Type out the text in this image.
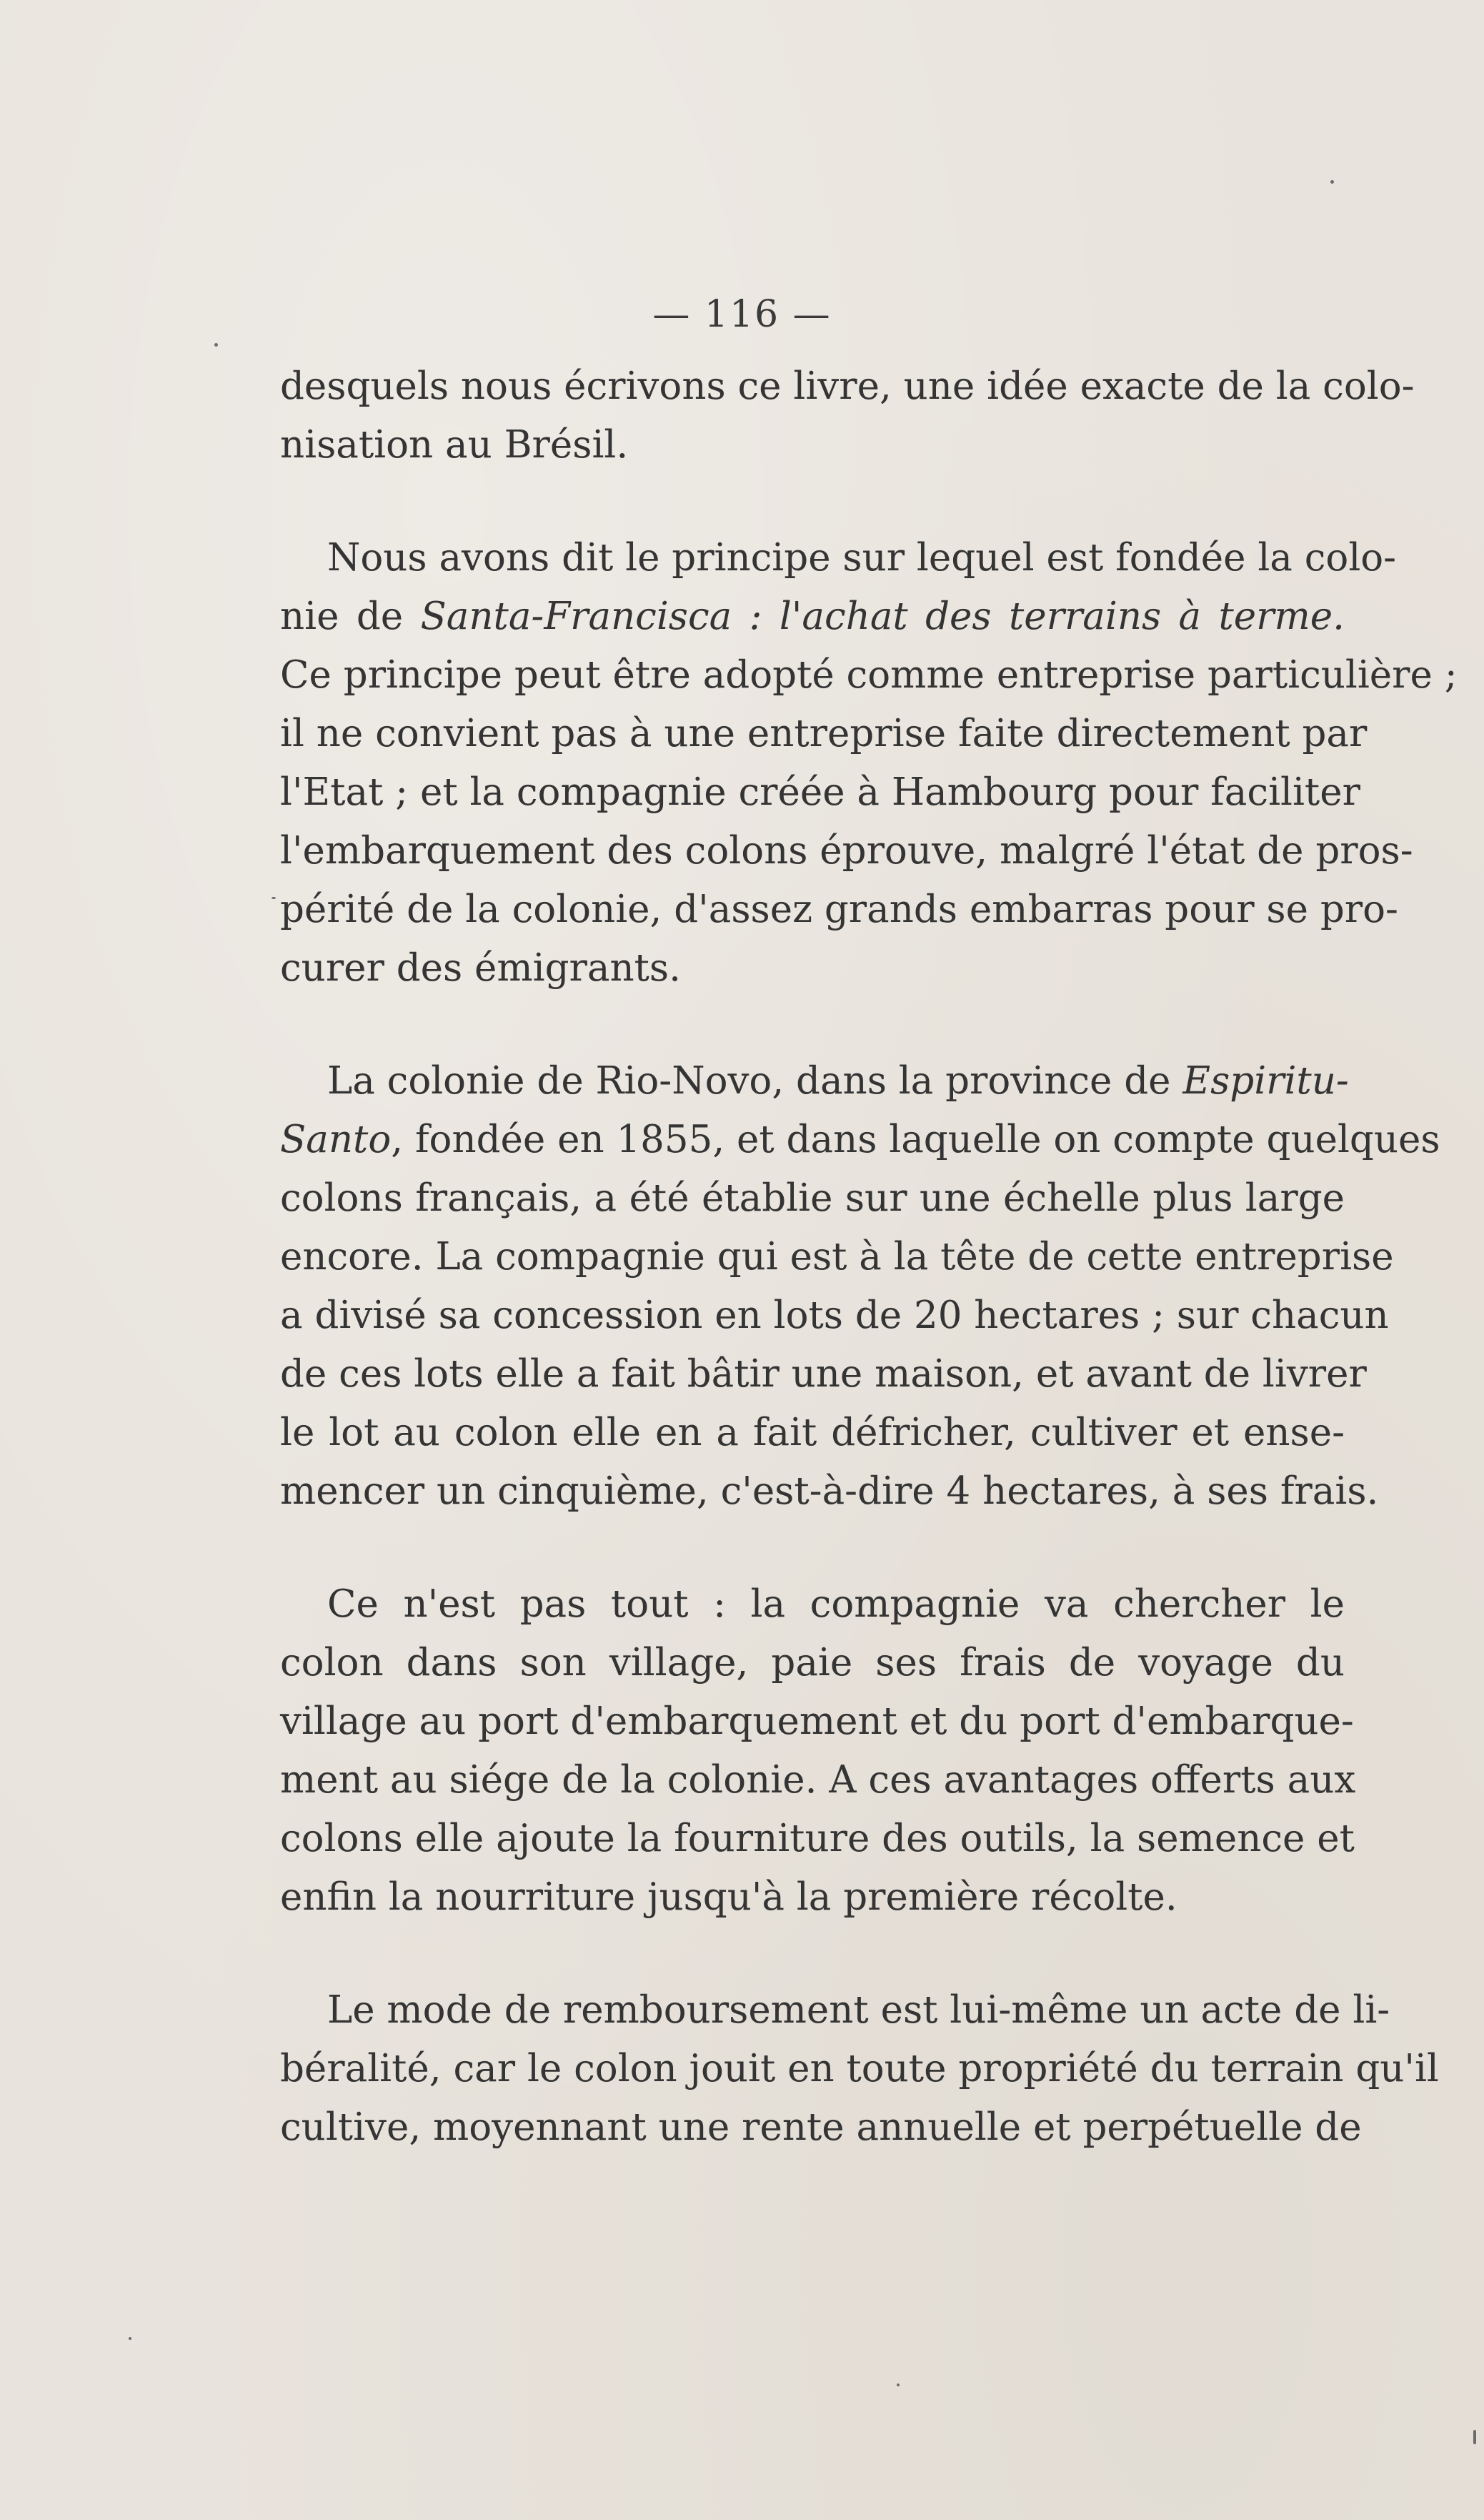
— 116 —
desquels nous écrivons ce livre, une idée exacte de la colo-
nisation au Brésil.
Nous avons dit le principe sur lequel est fondée la colo-
nie de Santa-Francisca : l'achat des terrains à terme.
Ce principe peut être adopté comme entreprise particulière ;
il ne convient pas à une entreprise faite directement par
l'Etat ; et la compagnie créée à Hambourg pour faciliter
l'embarquement des colons éprouve, malgré l'état de pros-
périté de la colonie, d'assez grands embarras pour se pro-
curer des émigrants.
La colonie de Rio-Novo, dans la province de Espiritu-
Santo, fondée en 1855, et dans laquelle on compte quelques
colons français, a été établie sur une échelle plus large
encore. La compagnie qui est à la tête de cette entreprise
a divisé sa concession en lots de 20 hectares ; sur chacun
de ces lots elle a fait bâtir une maison, et avant de livrer
le lot au colon elle en a fait défricher, cultiver et ense-
mencer un cinquième, c'est-à-dire 4 hectares, à ses frais.
Ce n'est pas tout : la compagnie va chercher le
colon dans son village, paie ses frais de voyage du
village au port d'embarquement et du port d'embarque-
ment au siége de la colonie. A ces avantages offerts aux
colons elle ajoute la fourniture des outils, la semence et
enfin la nourriture jusqu'à la première récolte.
Le mode de remboursement est lui-même un acte de li-
béralité, car le colon jouit en toute propriété du terrain qu'il
cultive, moyennant une rente annuelle et perpétuelle de
